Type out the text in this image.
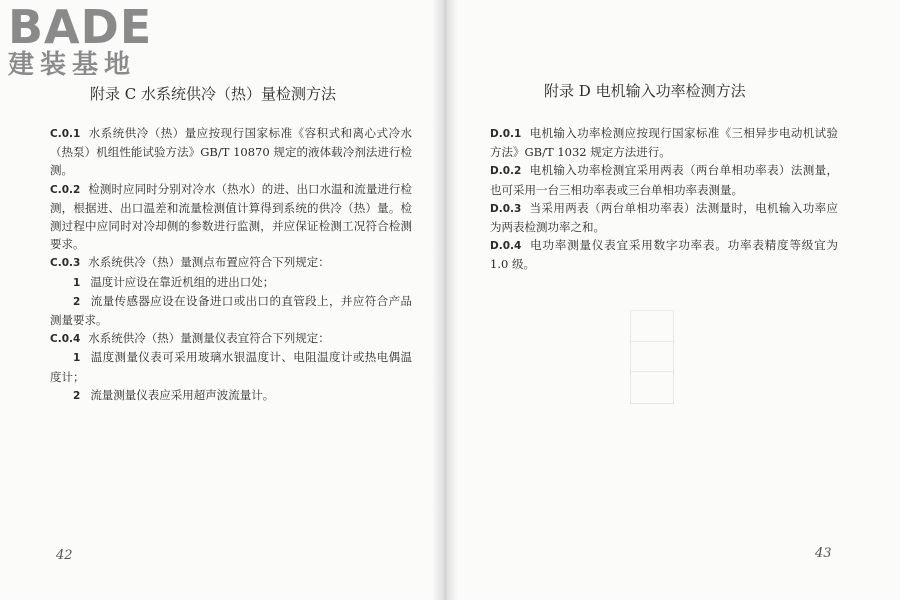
BADE
建装基地
附录 C 水系统供冷（热）量检测方法

C.0.1 水系统供冷（热）量应按现行国家标准《容积式和离心式冷水（热泵）机组性能试验方法》GB/T 10870 规定的液体载冷剂法进行检测。

C.0.2 检测时应同时分别对冷水（热水）的进、出口水温和流量进行检测，根据进、出口温差和流量检测值计算得到系统的供冷（热）量。检测过程中应同时对冷却侧的参数进行监测，并应保证检测工况符合检测要求。

C.0.3 水系统供冷（热）量测点布置应符合下列规定：

1 温度计应设在靠近机组的进出口处；

2 流量传感器应设在设备进口或出口的直管段上，并应符合产品测量要求。

C.0.4 水系统供冷（热）量测量仪表宜符合下列规定：

1 温度测量仪表可采用玻璃水银温度计、电阻温度计或热电偶温度计；

2 流量测量仪表应采用超声波流量计。

42
附录 D 电机输入功率检测方法

D.0.1 电机输入功率检测应按现行国家标准《三相异步电动机试验方法》GB/T 1032 规定方法进行。

D.0.2 电机输入功率检测宜采用两表（两台单相功率表）法测量，也可采用一台三相功率表或三台单相功率表测量。

D.0.3 当采用两表（两台单相功率表）法测量时，电机输入功率应为两表检测功率之和。

D.0.4 电功率测量仪表宜采用数字功率表。功率表精度等级宜为 1.0 级。

43
